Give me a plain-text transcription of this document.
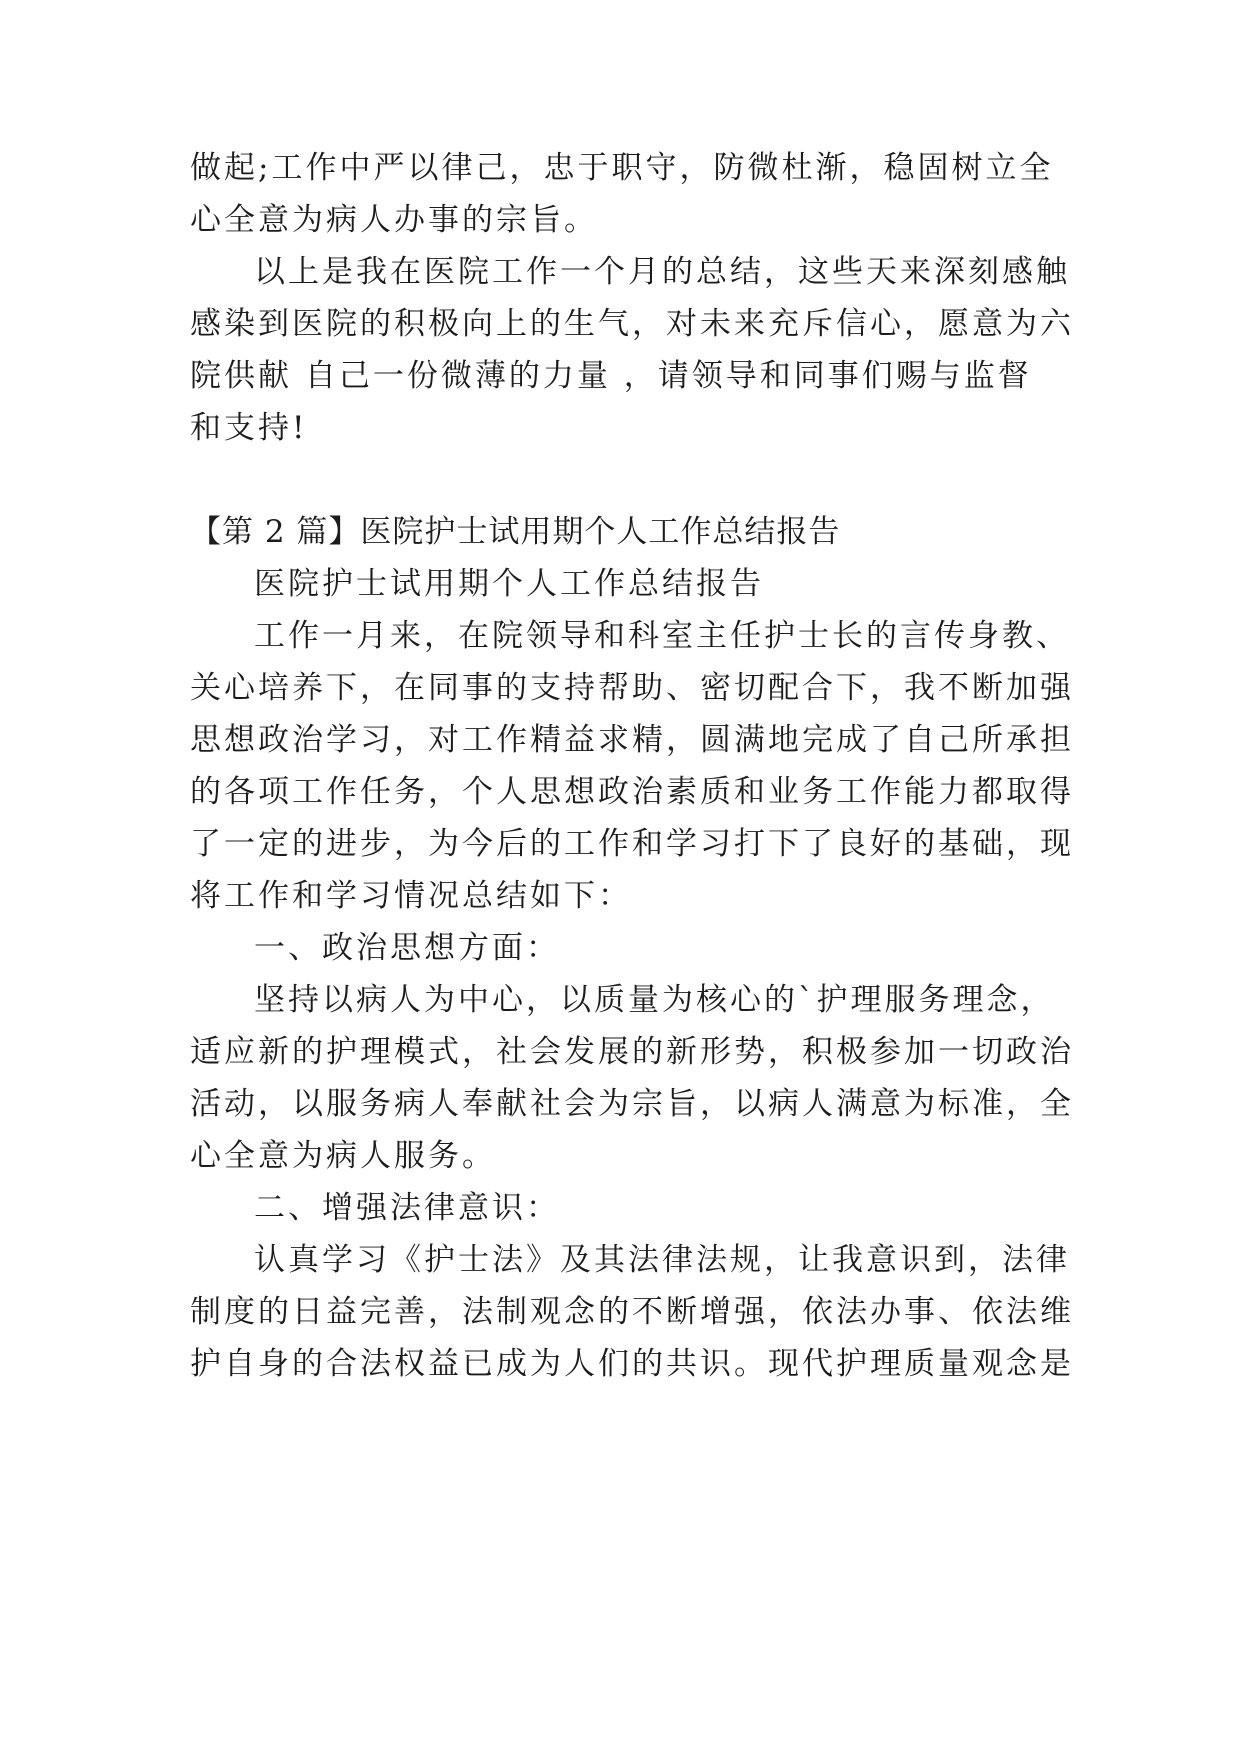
做起;工作中严以律己，忠于职守，防微杜渐，稳固树立全

心全意为病人办事的宗旨。

以上是我在医院工作一个月的总结，这些天来深刻感触

感染到医院的积极向上的生气，对未来充斥信心，愿意为六

院供献 自己一份微薄的力量 ，请领导和同事们赐与监督

和支持!

【第 2 篇】医院护士试用期个人工作总结报告

医院护士试用期个人工作总结报告

工作一月来，在院领导和科室主任护士长的言传身教、

关心培养下，在同事的支持帮助、密切配合下，我不断加强

思想政治学习，对工作精益求精，圆满地完成了自己所承担

的各项工作任务，个人思想政治素质和业务工作能力都取得

了一定的进步，为今后的工作和学习打下了良好的基础，现

将工作和学习情况总结如下：

一、政治思想方面：

坚持以病人为中心，以质量为核心的`护理服务理念，

适应新的护理模式，社会发展的新形势，积极参加一切政治

活动，以服务病人奉献社会为宗旨，以病人满意为标准，全

心全意为病人服务。

二、增强法律意识：

认真学习《护士法》及其法律法规，让我意识到，法律

制度的日益完善，法制观念的不断增强，依法办事、依法维

护自身的合法权益已成为人们的共识。现代护理质量观念是
